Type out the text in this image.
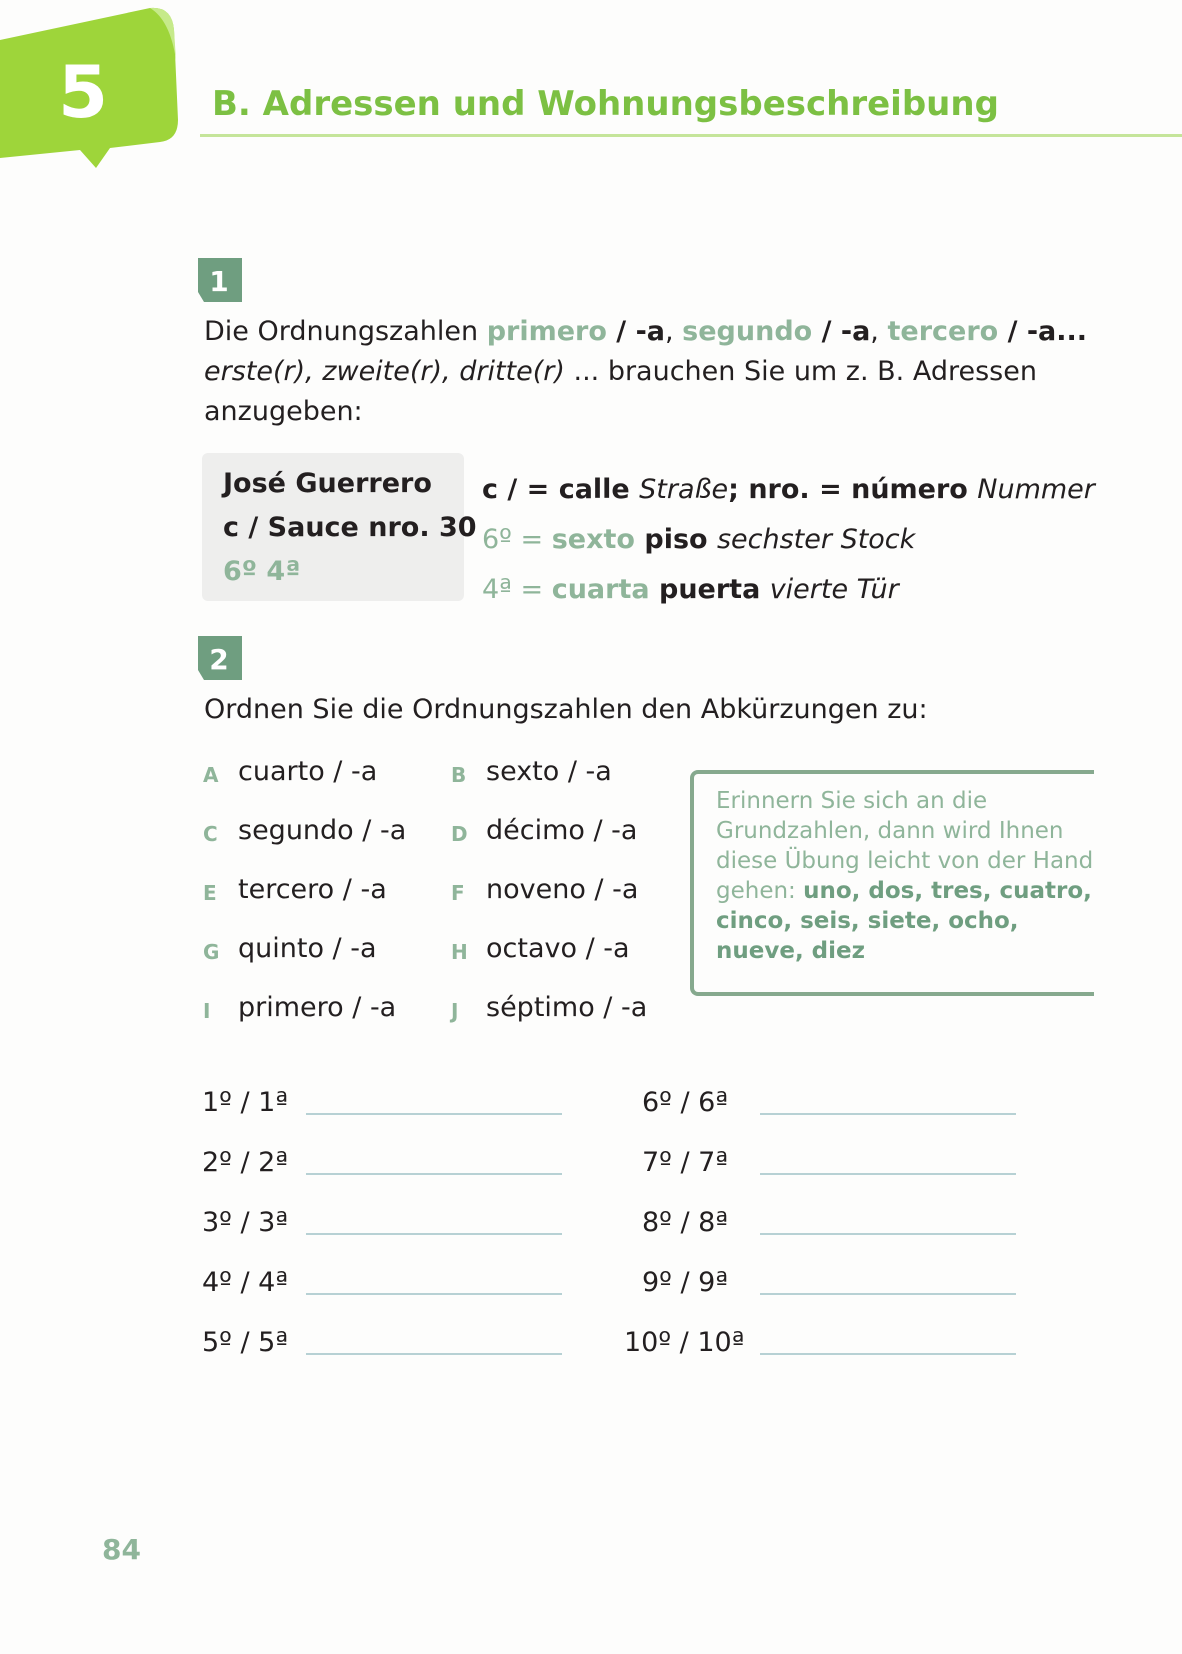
5	B. Adressen und Wohnungsbeschreibung
1
Die Ordnungszahlen primero / -a, segundo / -a, tercero / -a...
erste(r), zweite(r), dritte(r) ... brauchen Sie um z. B. Adressen
anzugeben:
José Guerrero
c / Sauce nro. 30
6º 4ª
c / = calle Straße; nro. = número Nummer
6º = sexto piso sechster Stock
4ª = cuarta puerta vierte Tür
2
Ordnen Sie die Ordnungszahlen den Abkürzungen zu:
A cuarto / -a	B sexto / -a
C segundo / -a D décimo / -a
E tercero / -a	F noveno / -a
G quinto / -a	H octavo / -a
I primero / -a	J séptimo / -a
Erinnern Sie sich an die Grundzahlen, dann wird Ihnen diese Übung leicht von der Hand gehen: uno, dos, tres, cuatro, cinco, seis, siete, ocho, nueve, diez
1º / 1ª
2º / 2ª
3º / 3ª
4º / 4ª
5º / 5ª
6º / 6ª
7º / 7ª
8º / 8ª
9º / 9ª
10º / 10ª
84
